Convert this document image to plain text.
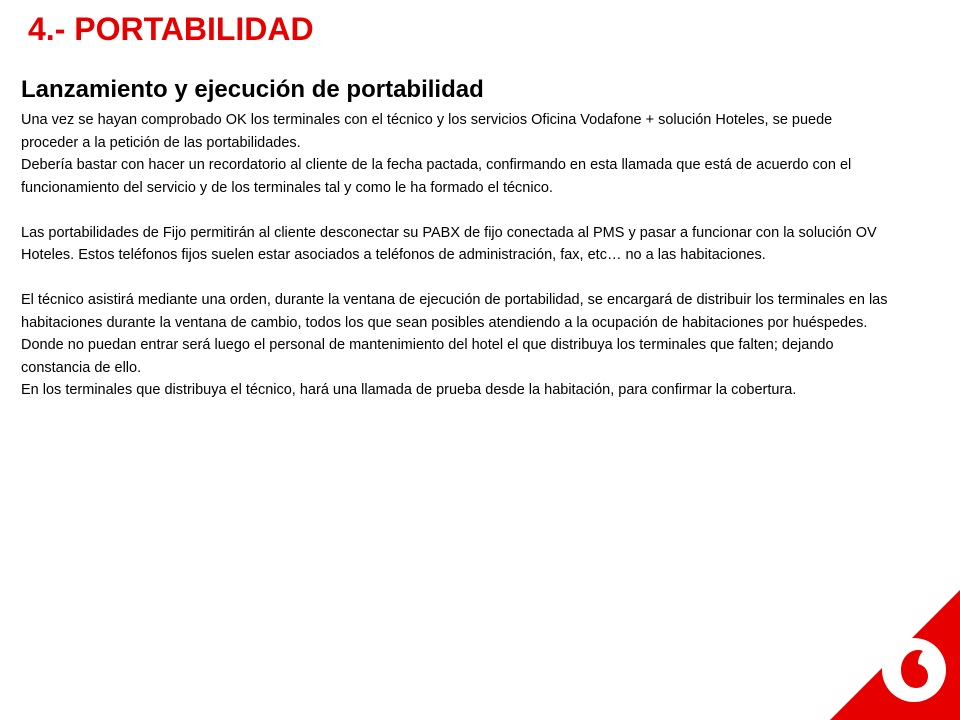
4.- PORTABILIDAD
Lanzamiento y ejecución de portabilidad

Una vez se hayan comprobado OK los terminales con el técnico y los servicios Oficina Vodafone + solución Hoteles, se puede proceder a la petición de las portabilidades.

Debería bastar con hacer un recordatorio al cliente de la fecha pactada, confirmando en esta llamada que está de acuerdo con el funcionamiento del servicio y de los terminales tal y como le ha formado el técnico.

Las portabilidades de Fijo permitirán al cliente desconectar su PABX de fijo conectada al PMS y pasar a funcionar con la solución OV Hoteles. Estos teléfonos fijos suelen estar asociados a teléfonos de administración, fax, etc… no a las habitaciones.

El técnico asistirá mediante una orden, durante la ventana de ejecución de portabilidad, se encargará de distribuir los terminales en las habitaciones durante la ventana de cambio, todos los que sean posibles atendiendo a la ocupación de habitaciones por huéspedes. Donde no puedan entrar será luego el personal de mantenimiento del hotel el que distribuya los terminales que falten; dejando constancia de ello.

En los terminales que distribuya el técnico, hará una llamada de prueba desde la habitación, para confirmar la cobertura.
